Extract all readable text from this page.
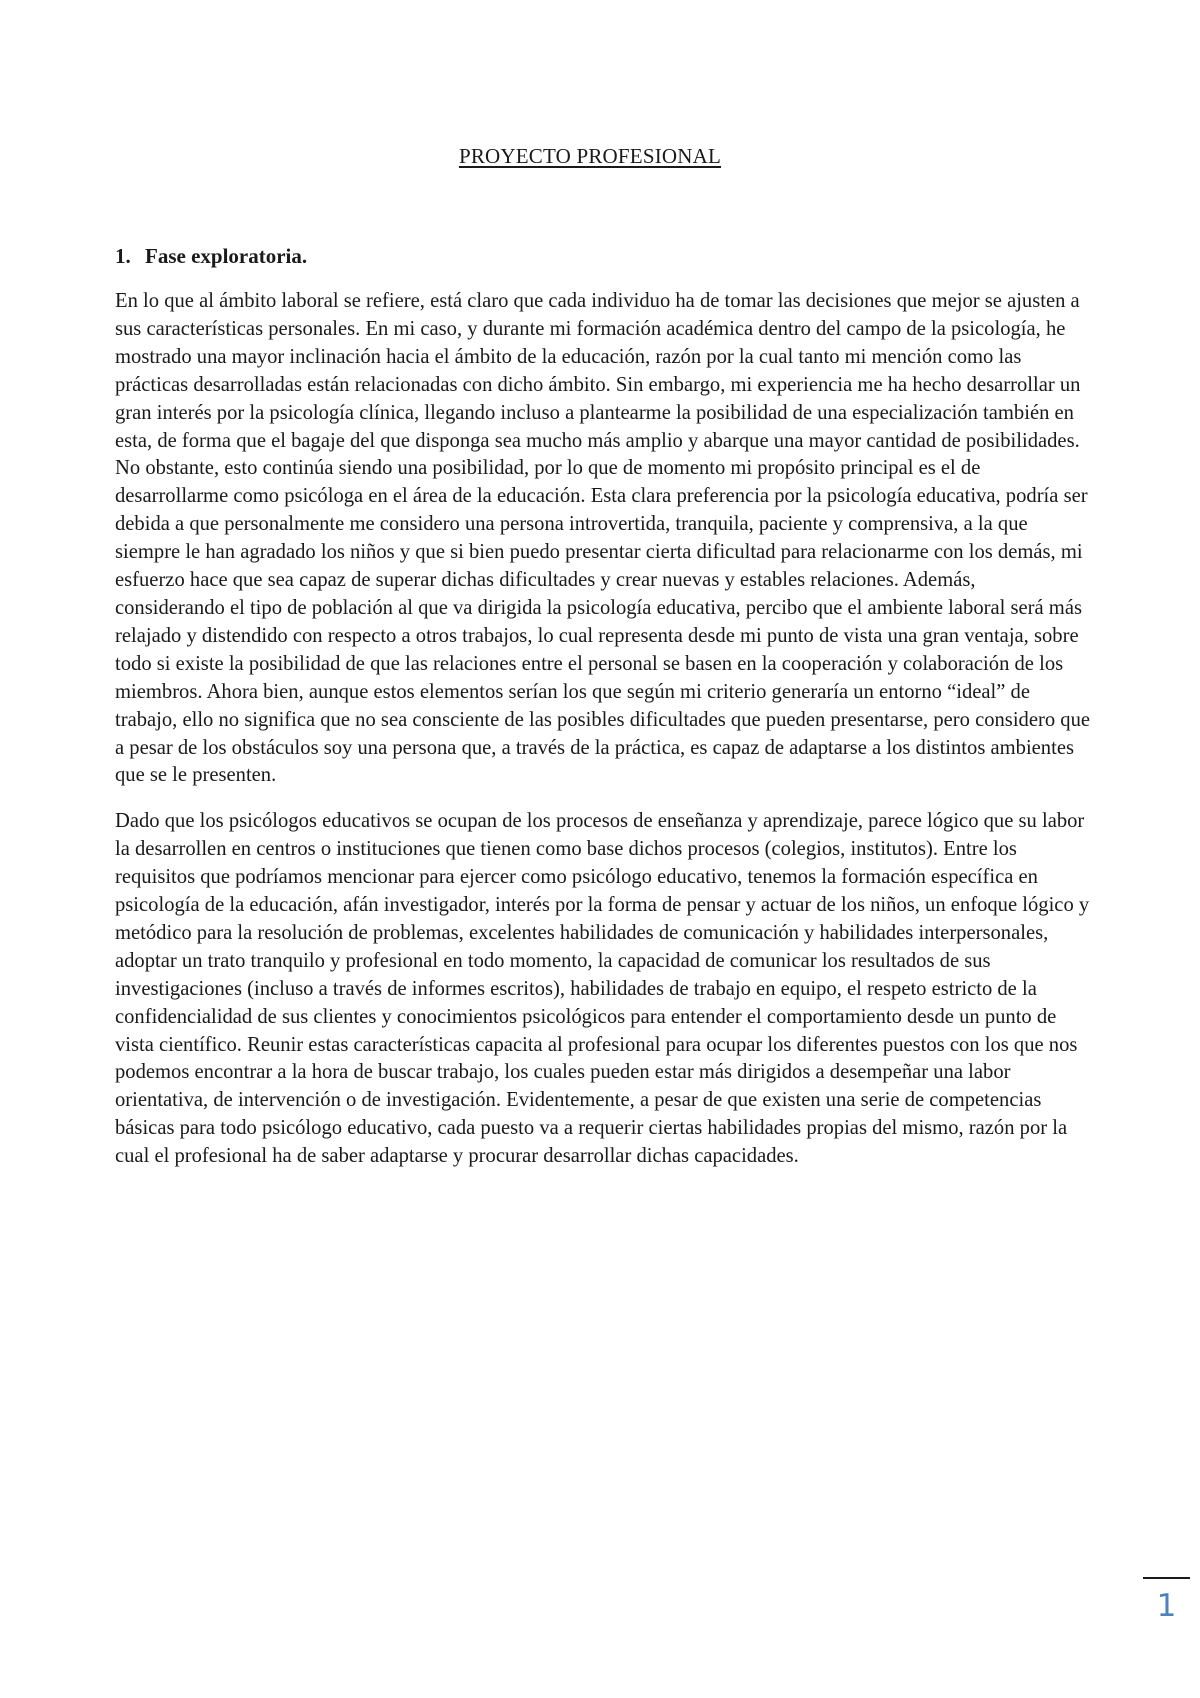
PROYECTO PROFESIONAL
1. Fase exploratoria.

En lo que al ámbito laboral se refiere, está claro que cada individuo ha de tomar las decisiones que mejor se ajusten a sus características personales. En mi caso, y durante mi formación académica dentro del campo de la psicología, he mostrado una mayor inclinación hacia el ámbito de la educación, razón por la cual tanto mi mención como las prácticas desarrolladas están relacionadas con dicho ámbito. Sin embargo, mi experiencia me ha hecho desarrollar un gran interés por la psicología clínica, llegando incluso a plantearme la posibilidad de una especialización también en esta, de forma que el bagaje del que disponga sea mucho más amplio y abarque una mayor cantidad de posibilidades. No obstante, esto continúa siendo una posibilidad, por lo que de momento mi propósito principal es el de desarrollarme como psicóloga en el área de la educación. Esta clara preferencia por la psicología educativa, podría ser debida a que personalmente me considero una persona introvertida, tranquila, paciente y comprensiva, a la que siempre le han agradado los niños y que si bien puedo presentar cierta dificultad para relacionarme con los demás, mi esfuerzo hace que sea capaz de superar dichas dificultades y crear nuevas y estables relaciones. Además, considerando el tipo de población al que va dirigida la psicología educativa, percibo que el ambiente laboral será más relajado y distendido con respecto a otros trabajos, lo cual representa desde mi punto de vista una gran ventaja, sobre todo si existe la posibilidad de que las relaciones entre el personal se basen en la cooperación y colaboración de los miembros. Ahora bien, aunque estos elementos serían los que según mi criterio generaría un entorno “ideal” de trabajo, ello no significa que no sea consciente de las posibles dificultades que pueden presentarse, pero considero que a pesar de los obstáculos soy una persona que, a través de la práctica, es capaz de adaptarse a los distintos ambientes que se le presenten.

Dado que los psicólogos educativos se ocupan de los procesos de enseñanza y aprendizaje, parece lógico que su labor la desarrollen en centros o instituciones que tienen como base dichos procesos (colegios, institutos). Entre los requisitos que podríamos mencionar para ejercer como psicólogo educativo, tenemos la formación específica en psicología de la educación, afán investigador, interés por la forma de pensar y actuar de los niños, un enfoque lógico y metódico para la resolución de problemas, excelentes habilidades de comunicación y habilidades interpersonales, adoptar un trato tranquilo y profesional en todo momento, la capacidad de comunicar los resultados de sus investigaciones (incluso a través de informes escritos), habilidades de trabajo en equipo, el respeto estricto de la confidencialidad de sus clientes y conocimientos psicológicos para entender el comportamiento desde un punto de vista científico. Reunir estas características capacita al profesional para ocupar los diferentes puestos con los que nos podemos encontrar a la hora de buscar trabajo, los cuales pueden estar más dirigidos a desempeñar una labor orientativa, de intervención o de investigación. Evidentemente, a pesar de que existen una serie de competencias básicas para todo psicólogo educativo, cada puesto va a requerir ciertas habilidades propias del mismo, razón por la cual el profesional ha de saber adaptarse y procurar desarrollar dichas capacidades.

1
